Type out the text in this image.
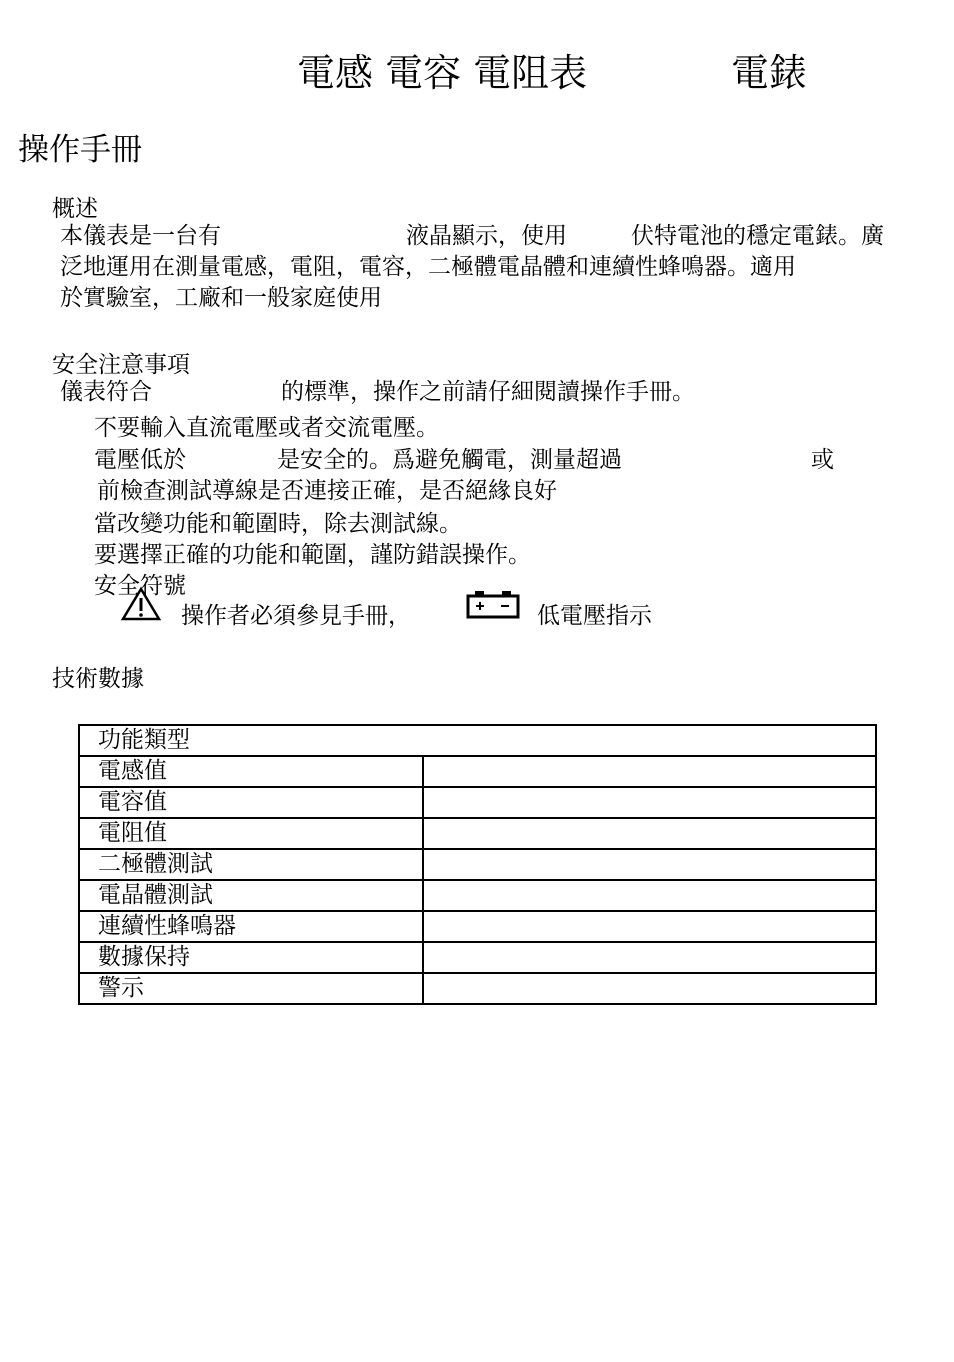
電感 電容 電阻表	電錶
操作手冊
概述
本儀表是一台有	液晶顯示，使用	伏特電池的穩定電錶。廣
泛地運用在測量電感，電阻，電容，二極體電晶體和連續性蜂鳴器。適用
於實驗室，工廠和一般家庭使用
安全注意事項
儀表符合	的標準，操作之前請仔細閱讀操作手冊。
不要輸入直流電壓或者交流電壓。
電壓低於	是安全的。爲避免觸電，測量超過	或
前檢查測試導線是否連接正確，是否絕緣良好
當改變功能和範圍時，除去測試線。
要選擇正確的功能和範圍，謹防錯誤操作。
安全符號
操作者必須參見手冊，	低電壓指示
技術數據
功能類型	
電感值	
電容值	
電阻值	
二極體測試	
電晶體測試	
連續性蜂鳴器	
數據保持	
警示	
